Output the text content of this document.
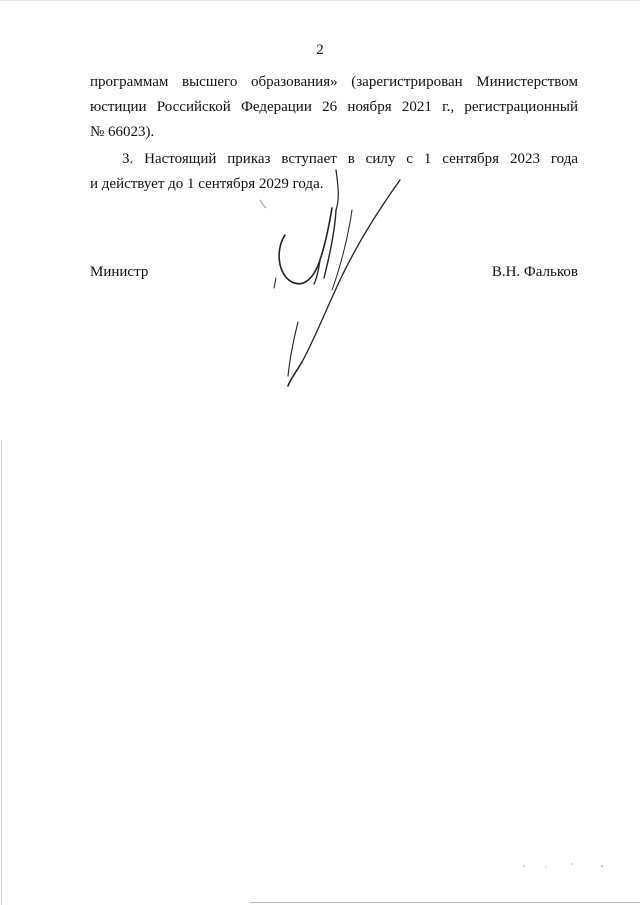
2
программам высшего образования» (зарегистрирован Министерством
юстиции Российской Федерации 26 ноября 2021 г., регистрационный
№ 66023).
3. Настоящий приказ вступает в силу с 1 сентября 2023 года
и действует до 1 сентября 2029 года.
Министр	В.Н. Фальков
